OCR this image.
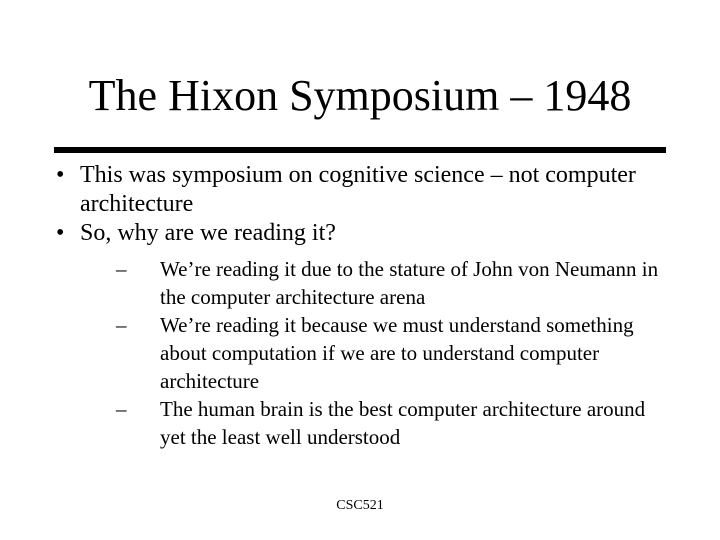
The Hixon Symposium – 1948
• This was symposium on cognitive science – not computer architecture
• So, why are we reading it?
– We’re reading it due to the stature of John von Neumann in the computer architecture arena
– We’re reading it because we must understand something about computation if we are to understand computer architecture
– The human brain is the best computer architecture around yet the least well understood
CSC521
